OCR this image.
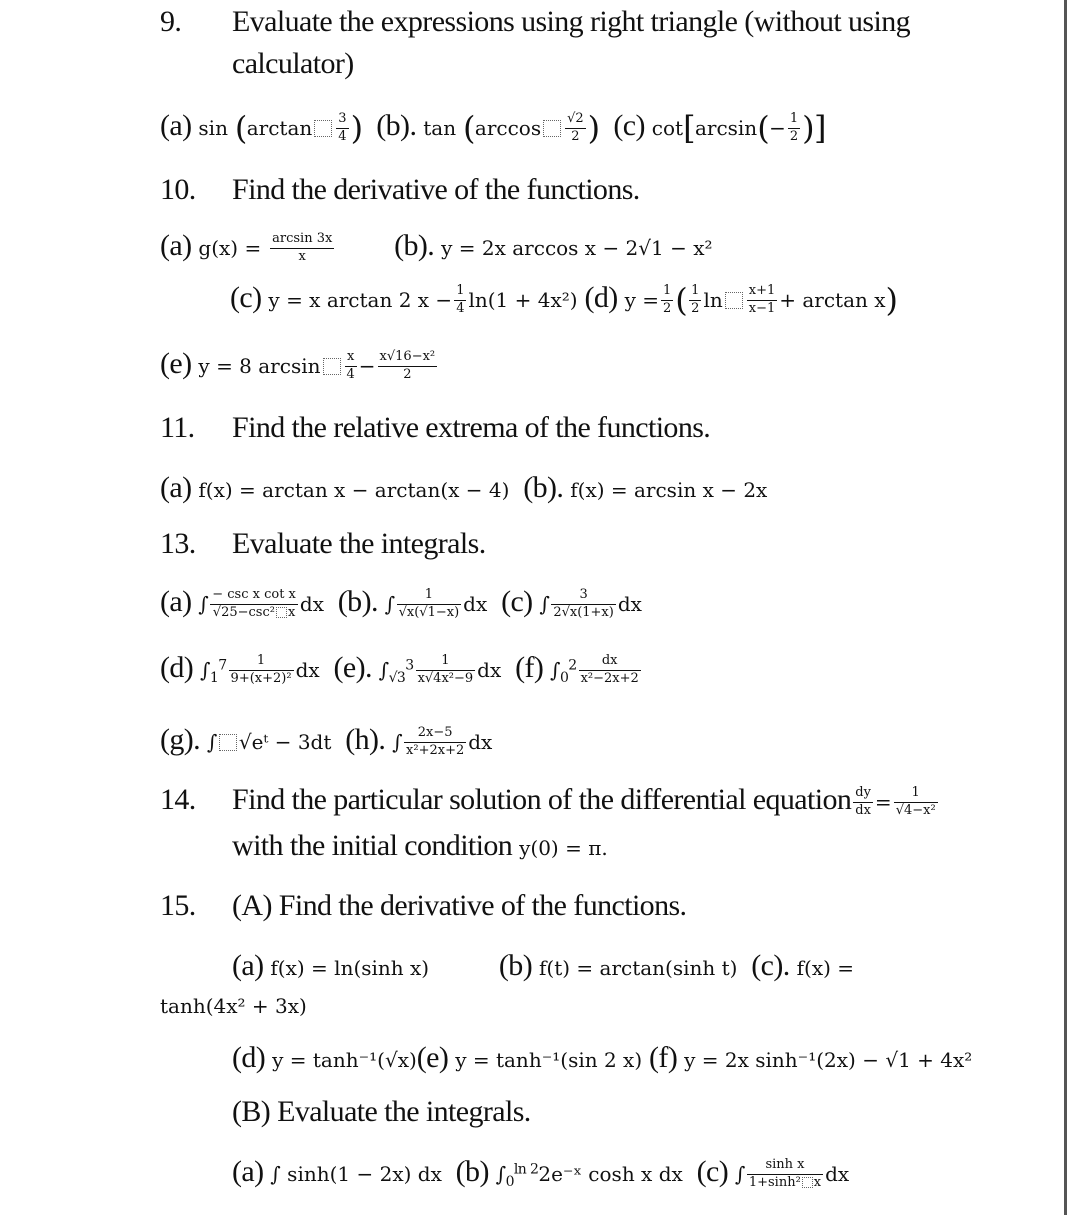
9. Evaluate the expressions using right triangle (without using
calculator)
(a) $\sin (\arctan \frac{3}{4}$ ) (b). $\tan (\arccos \frac{√2}{2}$ ) (c) $\cot[\arcsin(- \frac{1}{2}$ )]
10. Find the derivative of the functions.
(a) $g(x) = \frac{\arcsin 3x}{x} (b)$. y = 2x arccos x − 2√1 − x²
(c) y = x arctan 2 $x - \frac{1}{4} \ln(1 + 4x^2)$ (d) $y = \frac{1}{2}$ ( $\frac{1}{2}$ $\ln \frac{x+1}{x-1} + \arctan x$)
(e) y = 8 $\arcsin \frac{x}{4} - \frac{\text{x√16−x²}}{2}$
11. Find the relative extrema of the functions.
(a) f(x) = arctan x − arctan(x − 4) (b). f(x) = arcsin x − 2x
13. Evaluate the integrals.
(a) ∫ $\frac{\text{− csc x cot x}}{\text{√25−csc² x}}$ dx (b). ∫ $\frac{1}{√x(√1-x)}$ dx (c) ∫ $\frac{3}{2√x(1+x)}$ dx
(d) $\int_1^7 \frac{1}{\text{9+(x+2)²}}$ dx (e). $\int_{√3}^3 \frac{1}{\text{x√4x²−9}}$ dx (f) $\int_0^2 \frac{dx}{\text{x²−2x+2}}$
(g). ∫ √eᵗ − 3dt (h). ∫ $\frac{2x-5}{\text{x²+2x+2}}$ dx
14. Find the particular solution of the differential equation $\frac{dy}{dx} = \frac{1}{\text{√4−x²}}$
with the initial condition y(0) = π.
15. (A) Find the derivative of the functions.
(a) f(x) = ln(sinh x) (b) f(t) = arctan(sinh t) (c). f(x) =
tanh(4x² + 3x)
(d) y = tanh⁻¹(√x)(e) y = tanh⁻¹(sin 2 x) (f) y = 2x sinh⁻¹(2x) − √1 + 4x²
(B) Evaluate the integrals.
(a) ∫ sinh(1 − 2x) dx (b) $\int_0^{ln 2}2e^-ˣ$ cosh x dx (c) ∫ $\frac{\text{sinh x}}{\text{1+sinh² x}}$ dx
